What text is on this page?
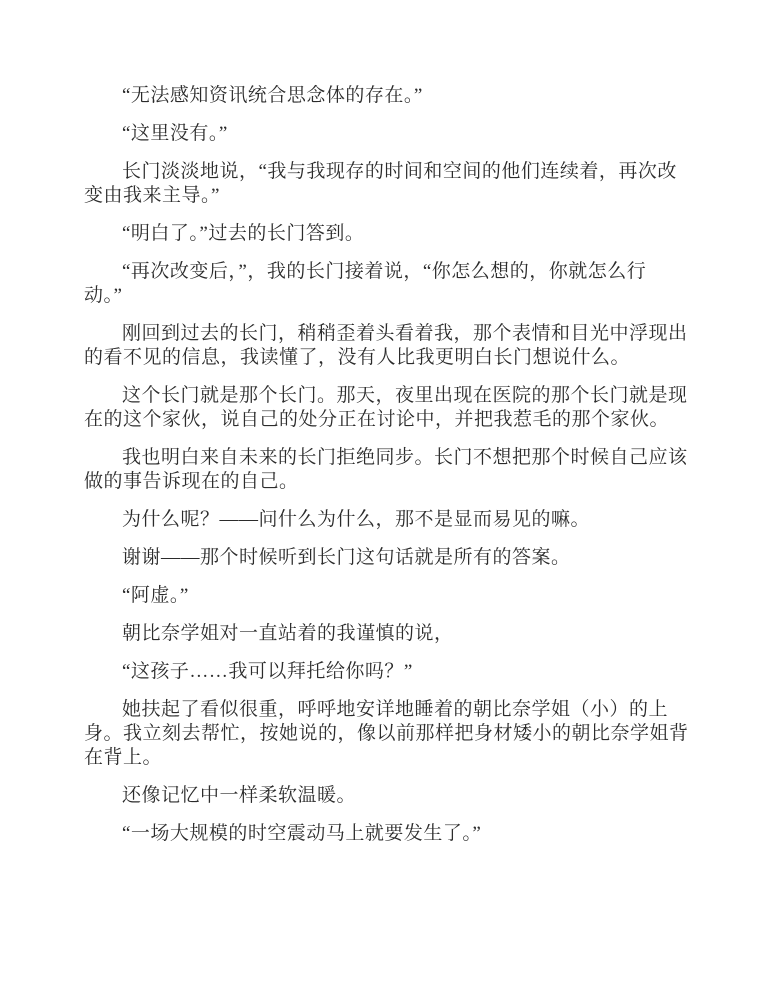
“无法感知资讯统合思念体的存在。”
“这里没有。”
长门淡淡地说，“我与我现存的时间和空间的他们连续着，再次改
变由我来主导。”
“明白了。”过去的长门答到。
“再次改变后，”，我的长门接着说，“你怎么想的，你就怎么行
动。”
刚回到过去的长门，稍稍歪着头看着我，那个表情和目光中浮现出
的看不见的信息，我读懂了，没有人比我更明白长门想说什么。
这个长门就是那个长门。那天，夜里出现在医院的那个长门就是现
在的这个家伙，说自己的处分正在讨论中，并把我惹毛的那个家伙。
我也明白来自未来的长门拒绝同步。长门不想把那个时候自己应该
做的事告诉现在的自己。
为什么呢？——问什么为什么，那不是显而易见的嘛。
谢谢——那个时候听到长门这句话就是所有的答案。
“阿虚。”
朝比奈学姐对一直站着的我谨慎的说，
“这孩子……我可以拜托给你吗？”
她扶起了看似很重，呼呼地安详地睡着的朝比奈学姐（小）的上
身。我立刻去帮忙，按她说的，像以前那样把身材矮小的朝比奈学姐背
在背上。
还像记忆中一样柔软温暖。
“一场大规模的时空震动马上就要发生了。”
